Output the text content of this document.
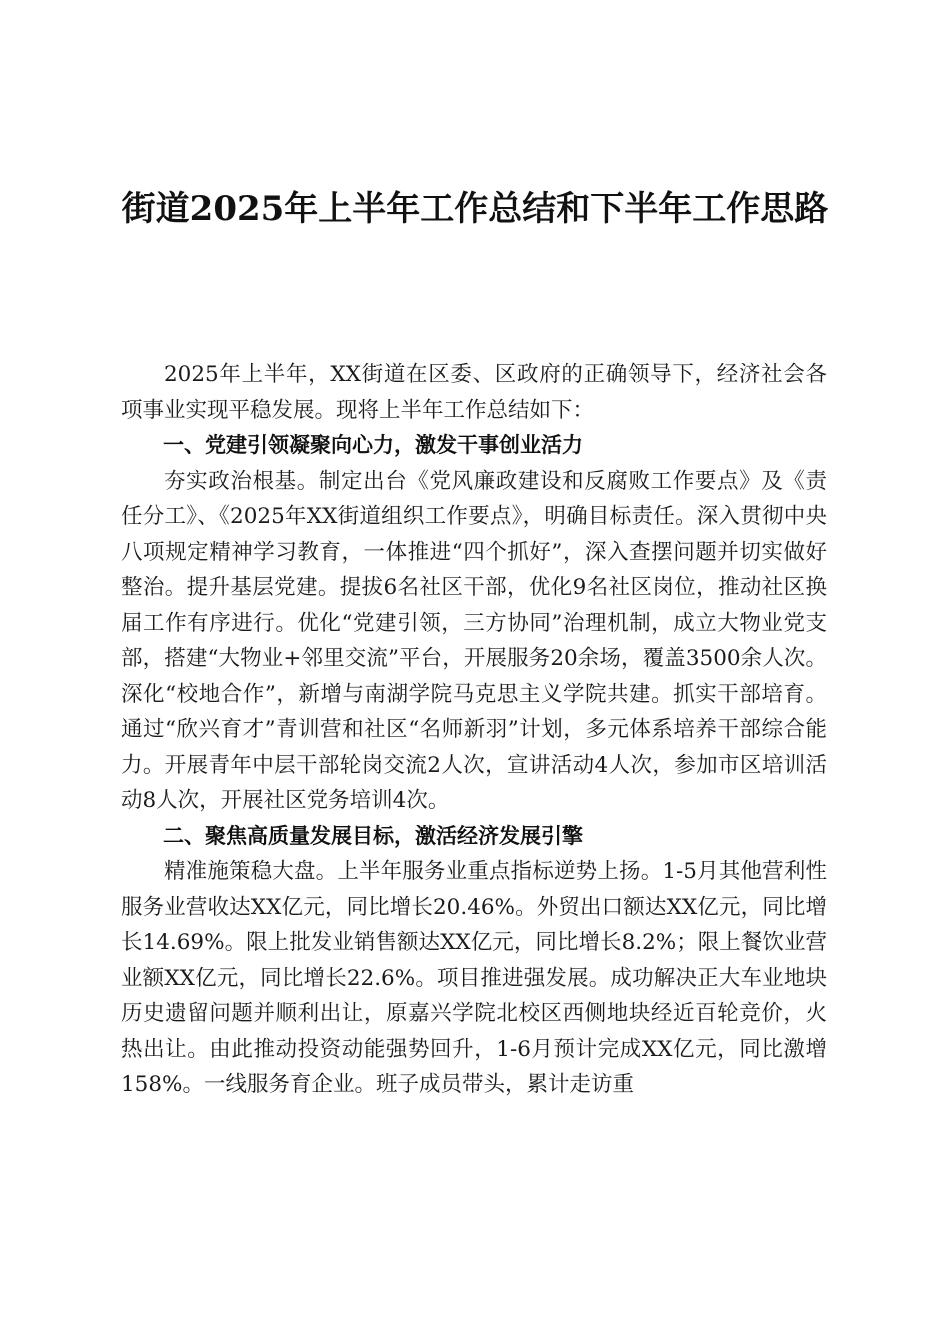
街道2025年上半年工作总结和下半年工作思路

2025年上半年，XX街道在区委、区政府的正确领导下，经济社会各项事业实现平稳发展。现将上半年工作总结如下：

一、党建引领凝聚向心力，激发干事创业活力

夯实政治根基。制定出台《党风廉政建设和反腐败工作要点》及《责任分工》、《2025年XX街道组织工作要点》，明确目标责任。深入贯彻中央八项规定精神学习教育，一体推进“四个抓好”，深入查摆问题并切实做好整治。提升基层党建。提拔6名社区干部，优化9名社区岗位，推动社区换届工作有序进行。优化“党建引领，三方协同”治理机制，成立大物业党支部，搭建“大物业+邻里交流”平台，开展服务20余场，覆盖3500余人次。深化“校地合作”，新增与南湖学院马克思主义学院共建。抓实干部培育。通过“欣兴育才”青训营和社区“名师新羽”计划，多元体系培养干部综合能力。开展青年中层干部轮岗交流2人次，宣讲活动4人次，参加市区培训活动8人次，开展社区党务培训4次。

二、聚焦高质量发展目标，激活经济发展引擎

精准施策稳大盘。上半年服务业重点指标逆势上扬。1-5月其他营利性服务业营收达XX亿元，同比增长20.46%。外贸出口额达XX亿元，同比增长14.69%。限上批发业销售额达XX亿元，同比增长8.2%；限上餐饮业营业额XX亿元，同比增长22.6%。项目推进强发展。成功解决正大车业地块历史遗留问题并顺利出让，原嘉兴学院北校区西侧地块经近百轮竞价，火热出让。由此推动投资动能强势回升，1-6月预计完成XX亿元，同比激增158%。一线服务育企业。班子成员带头，累计走访重
